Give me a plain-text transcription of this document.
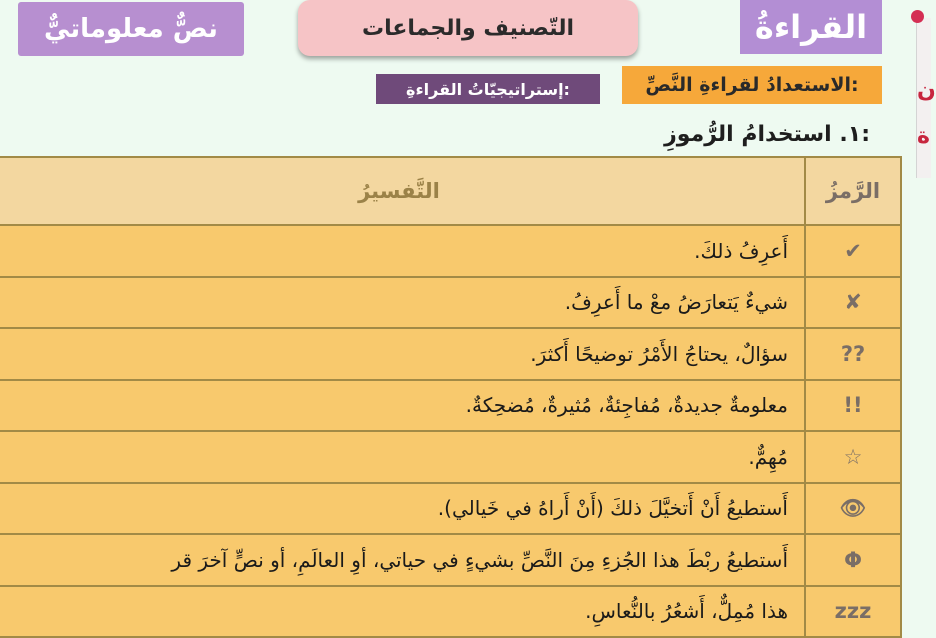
نصٌّ معلوماتيٌّ	التّصنيف والجماعات	القراءةُ
الاستعدادُ لقراءةِ النَّصِّ:
إستراتيجيّاتُ القراءةِ:
١. استخدامُ الرُّموزِ:
ن
ة
التَّفسيرُ	الرَّمزُ
أَعرِفُ ذلكَ.	✔
شيءٌ يَتعارَضُ معْ ما أَعرِفُ.	✘
سؤالٌ، يحتاجُ الأَمْرُ توضيحًا أَكثرَ.	??
معلومةٌ جديدةٌ، مُفاجِئةٌ، مُثيرةٌ، مُضحِكةٌ.	!!
مُهِمٌّ.	☆
أَستطيعُ أَنْ أَتخيَّلَ ذلكَ (أَنْ أَراهُ في خَيالي).	👁
أَستطيعُ ربْطَ هذا الجُزءِ مِنَ النَّصِّ بشيءٍ في حياتي، أوِ العالَمِ، أو نصٍّ آخرَ قر	Φ
هذا مُمِلٌّ، أَشعُرُ بالنُّعاسِ.	zzz
